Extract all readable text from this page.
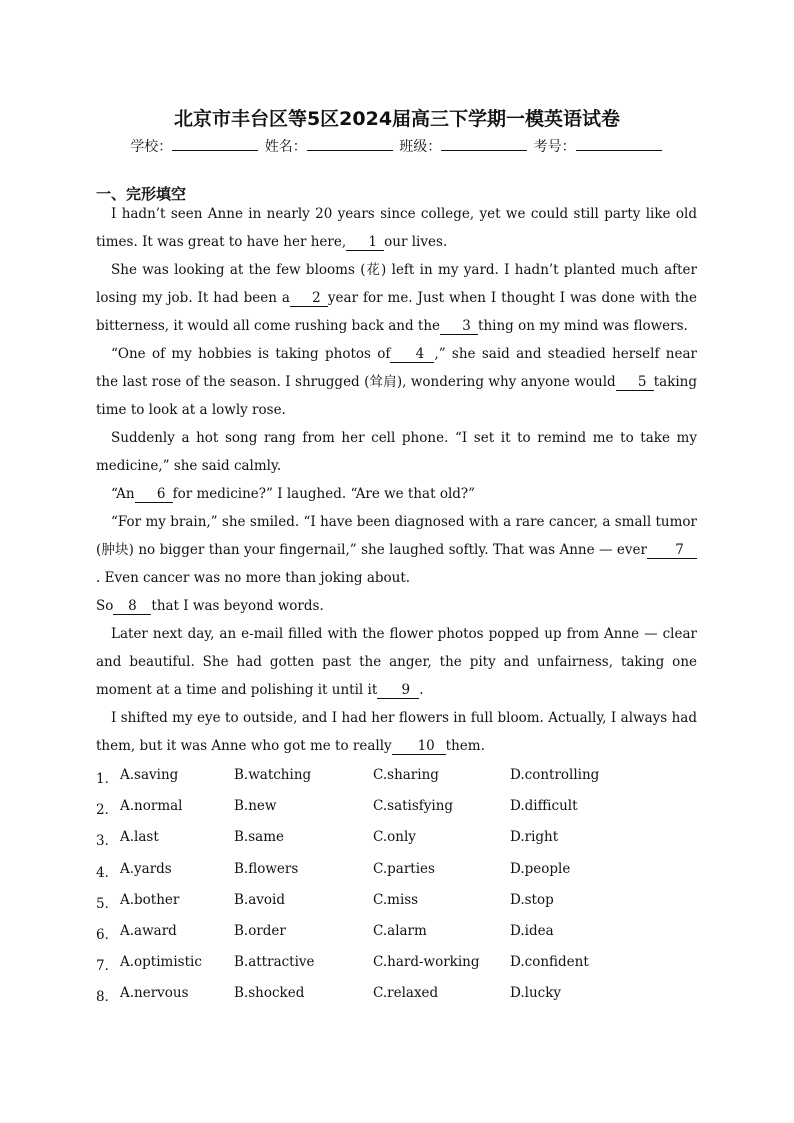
北京市丰台区等5区2024届高三下学期一模英语试卷
学校：	姓名：	班级：	考号：
一、完形填空

I hadn’t seen Anne in nearly 20 years since college, yet we could still party like old times. It was great to have her here, 1 our lives.

She was looking at the few blooms (花) left in my yard. I hadn’t planted much after losing my job. It had been a 2 year for me. Just when I thought I was done with the bitterness, it would all come rushing back and the 3 thing on my mind was flowers.

“One of my hobbies is taking photos of 4 ,” she said and steadied herself near the last rose of the season. I shrugged (耸肩), wondering why anyone would 5 taking time to look at a lowly rose.

Suddenly a hot song rang from her cell phone. “I set it to remind me to take my medicine,” she said calmly.

“An 6 for medicine?” I laughed. “Are we that old?”

“For my brain,” she smiled. “I have been diagnosed with a rare cancer, a small tumor (肿块) no bigger than your fingernail,” she laughed softly. That was Anne — ever 7. Even cancer was no more than joking about.

So 8 that I was beyond words.

Later next day, an e-mail filled with the flower photos popped up from Anne — clear and beautiful. She had gotten past the anger, the pity and unfairness, taking one moment at a time and polishing it until it 9 .

I shifted my eye to outside, and I had her flowers in full bloom. Actually, I always had them, but it was Anne who got me to really 10 them.

1． A.saving	B.watching	C.sharing	D.controlling
2． A.normal	B.new	C.satisfying	D.difficult
3． A.last	B.same	C.only	D.right
4． A.yards	B.flowers	C.parties	D.people
5． A.bother	B.avoid	C.miss	D.stop
6． A.award	B.order	C.alarm	D.idea
7． A.optimistic B.attractive	C.hard-working D.confident
8． A.nervous	B.shocked	C.relaxed	D.lucky
